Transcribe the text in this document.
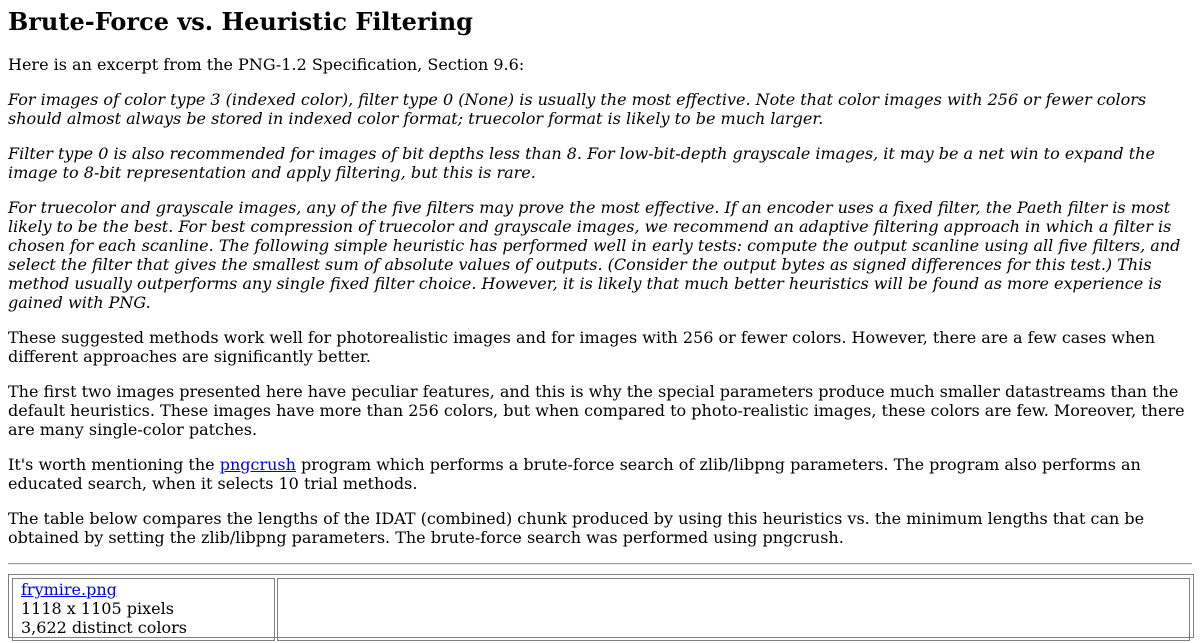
Brute-Force vs. Heuristic Filtering

Here is an excerpt from the PNG-1.2 Specification, Section 9.6:

For images of color type 3 (indexed color), filter type 0 (None) is usually the most effective. Note that color images with 256 or fewer colors should almost always be stored in indexed color format; truecolor format is likely to be much larger.

Filter type 0 is also recommended for images of bit depths less than 8. For low-bit-depth grayscale images, it may be a net win to expand the image to 8-bit representation and apply filtering, but this is rare.

For truecolor and grayscale images, any of the five filters may prove the most effective. If an encoder uses a fixed filter, the Paeth filter is most likely to be the best. For best compression of truecolor and grayscale images, we recommend an adaptive filtering approach in which a filter is chosen for each scanline. The following simple heuristic has performed well in early tests: compute the output scanline using all five filters, and select the filter that gives the smallest sum of absolute values of outputs. (Consider the output bytes as signed differences for this test.) This method usually outperforms any single fixed filter choice. However, it is likely that much better heuristics will be found as more experience is gained with PNG.

These suggested methods work well for photorealistic images and for images with 256 or fewer colors. However, there are a few cases when different approaches are significantly better.

The first two images presented here have peculiar features, and this is why the special parameters produce much smaller datastreams than the default heuristics. These images have more than 256 colors, but when compared to photo-realistic images, these colors are few. Moreover, there are many single-color patches.

It's worth mentioning the pngcrush program which performs a brute-force search of zlib/libpng parameters. The program also performs an educated search, when it selects 10 trial methods.

The table below compares the lengths of the IDAT (combined) chunk produced by using this heuristics vs. the minimum lengths that can be obtained by setting the zlib/libpng parameters. The brute-force search was performed using pngcrush.

frymire.png
1118 x 1105 pixels
3,622 distinct colors
